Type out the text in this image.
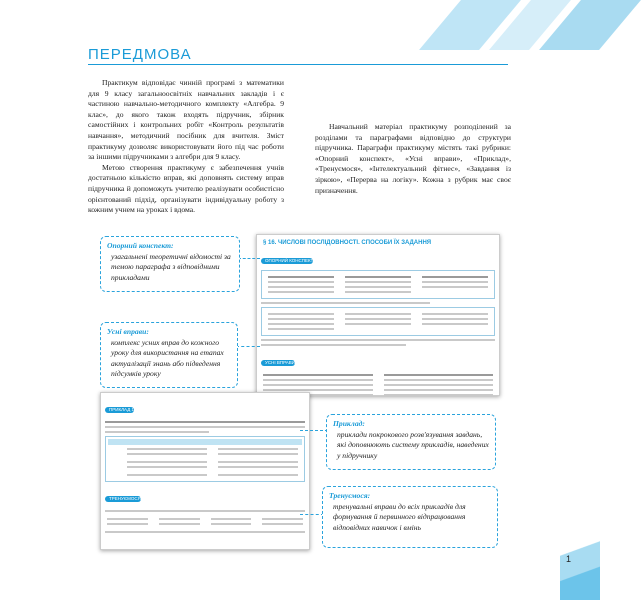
ПЕРЕДМОВА

Практикум відповідає чинній програмі з математики для 9 класу загальноосвітніх навчальних закладів і є частиною навчально-методичного комплекту «Алгебра. 9 клас», до якого також входять підручник, збірник самостійних і контрольних робіт «Контроль результатів навчання», методичний посібник для вчителя. Зміст практикуму дозволяє використовувати його під час роботи за іншими підручниками з алгебри для 9 класу.

Метою створення практикуму є забезпечення учнів достатньою кількістю вправ, які доповнять систему вправ підручника й допоможуть учителю реалізувати особистісно орієнтований підхід, організувати індивідуальну роботу з кожним учнем на уроках і вдома.

Навчальний матеріал практикуму розподілений за розділами та параграфами відповідно до структури підручника. Параграфи практикуму містять такі рубрики: «Опорний конспект», «Усні вправи», «Приклад», «Тренуємося», «Інтелектуальний фітнес», «Завдання із зіркою», «Перерва на логіку». Кожна з рубрик має своє призначення.

§ 16. ЧИСЛОВІ ПОСЛІДОВНОСТІ. СПОСОБИ ЇХ ЗАДАННЯ
ОПОРНИЙ КОНСПЕКТ
УСНІ ВПРАВИ
ПРИКЛАД 1
ТРЕНУЄМОСЯ
Опорний конспект:
узагальнені теоретичні відомості за темою параграфа з відповідними прикладами
Усні вправи:
комплекс усних вправ до кожного уроку для використання на етапах актуалізації знань або підведення підсумків уроку
Приклад:
приклади покрокового розв'язування завдань, які доповнюють систему прикладів, наведених у підручнику
Тренуємося:
тренувальні вправи до всіх прикладів для формування й первинного відпрацювання відповідних навичок і вмінь
1
